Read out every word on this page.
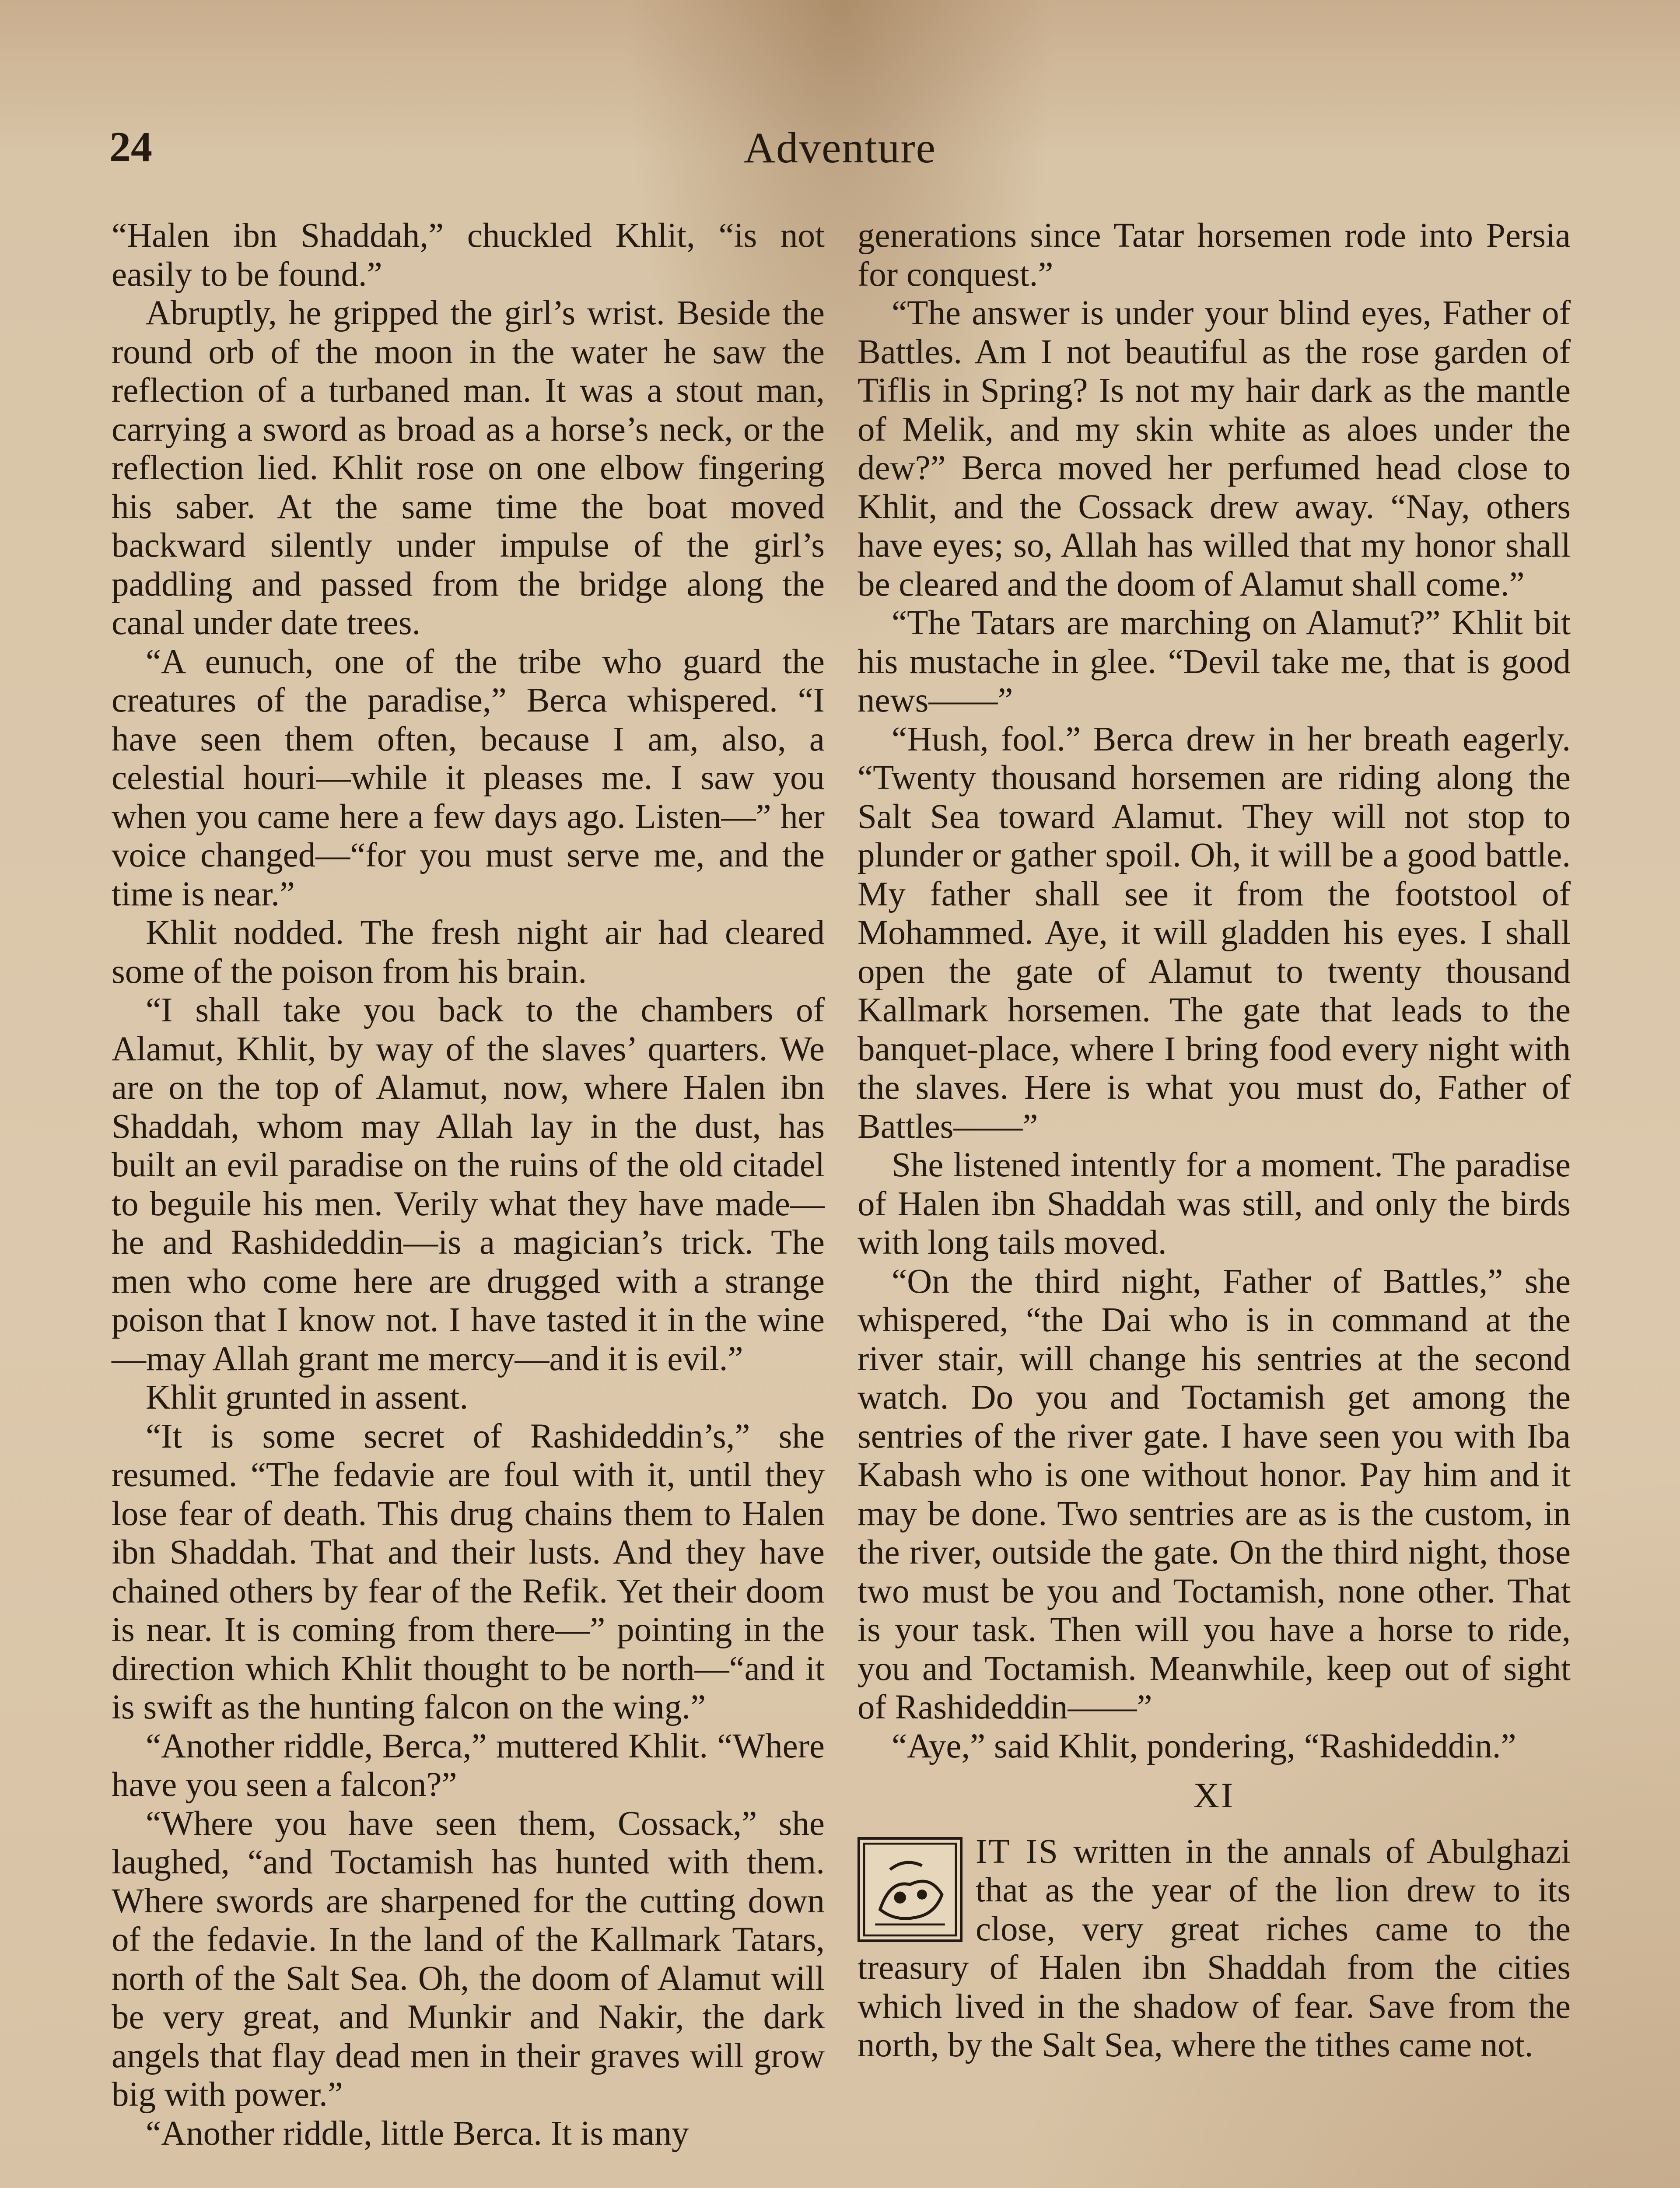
24	Adventure

“Halen ibn Shaddah,” chuckled Khlit, “is not easily to be found.”

Abruptly, he gripped the girl’s wrist. Beside the round orb of the moon in the water he saw the reflection of a turbaned man. It was a stout man, carrying a sword as broad as a horse’s neck, or the reflection lied. Khlit rose on one elbow fingering his saber. At the same time the boat moved backward silently under impulse of the girl’s paddling and passed from the bridge along the canal under date trees.

“A eunuch, one of the tribe who guard the creatures of the paradise,” Berca whispered. “I have seen them often, because I am, also, a celestial houri—while it pleases me. I saw you when you came here a few days ago. Listen—” her voice changed—“for you must serve me, and the time is near.”

Khlit nodded. The fresh night air had cleared some of the poison from his brain.

“I shall take you back to the chambers of Alamut, Khlit, by way of the slaves’ quarters. We are on the top of Alamut, now, where Halen ibn Shaddah, whom may Allah lay in the dust, has built an evil paradise on the ruins of the old citadel to beguile his men. Verily what they have made—he and Rashideddin—is a magician’s trick. The men who come here are drugged with a strange poison that I know not. I have tasted it in the wine—may Allah grant me mercy—and it is evil.”

Khlit grunted in assent.

“It is some secret of Rashideddin’s,” she resumed. “The fedavie are foul with it, until they lose fear of death. This drug chains them to Halen ibn Shaddah. That and their lusts. And they have chained others by fear of the Refik. Yet their doom is near. It is coming from there—” pointing in the direction which Khlit thought to be north—“and it is swift as the hunting falcon on the wing.”

“Another riddle, Berca,” muttered Khlit. “Where have you seen a falcon?”

“Where you have seen them, Cossack,” she laughed, “and Toctamish has hunted with them. Where swords are sharpened for the cutting down of the fedavie. In the land of the Kallmark Tatars, north of the Salt Sea. Oh, the doom of Alamut will be very great, and Munkir and Nakir, the dark angels that flay dead men in their graves will grow big with power.”

“Another riddle, little Berca. It is many

generations since Tatar horsemen rode into Persia for conquest.”

“The answer is under your blind eyes, Father of Battles. Am I not beautiful as the rose garden of Tiflis in Spring? Is not my hair dark as the mantle of Melik, and my skin white as aloes under the dew?” Berca moved her perfumed head close to Khlit, and the Cossack drew away. “Nay, others have eyes; so, Allah has willed that my honor shall be cleared and the doom of Alamut shall come.”

“The Tatars are marching on Alamut?” Khlit bit his mustache in glee. “Devil take me, that is good news——”

“Hush, fool.” Berca drew in her breath eagerly. “Twenty thousand horsemen are riding along the Salt Sea toward Alamut. They will not stop to plunder or gather spoil. Oh, it will be a good battle. My father shall see it from the footstool of Mohammed. Aye, it will gladden his eyes. I shall open the gate of Alamut to twenty thousand Kallmark horsemen. The gate that leads to the banquet-place, where I bring food every night with the slaves. Here is what you must do, Father of Battles——”

She listened intently for a moment. The paradise of Halen ibn Shaddah was still, and only the birds with long tails moved.

“On the third night, Father of Battles,” she whispered, “the Dai who is in command at the river stair, will change his sentries at the second watch. Do you and Toctamish get among the sentries of the river gate. I have seen you with Iba Kabash who is one without honor. Pay him and it may be done. Two sentries are as is the custom, in the river, outside the gate. On the third night, those two must be you and Toctamish, none other. That is your task. Then will you have a horse to ride, you and Toctamish. Meanwhile, keep out of sight of Rashideddin——”

“Aye,” said Khlit, pondering, “Rashideddin.”

XI

IT IS written in the annals of Abulghazi that as the year of the lion drew to its close, very great riches came to the treasury of Halen ibn Shaddah from the cities which lived in the shadow of fear. Save from the north, by the Salt Sea, where the tithes came not.
